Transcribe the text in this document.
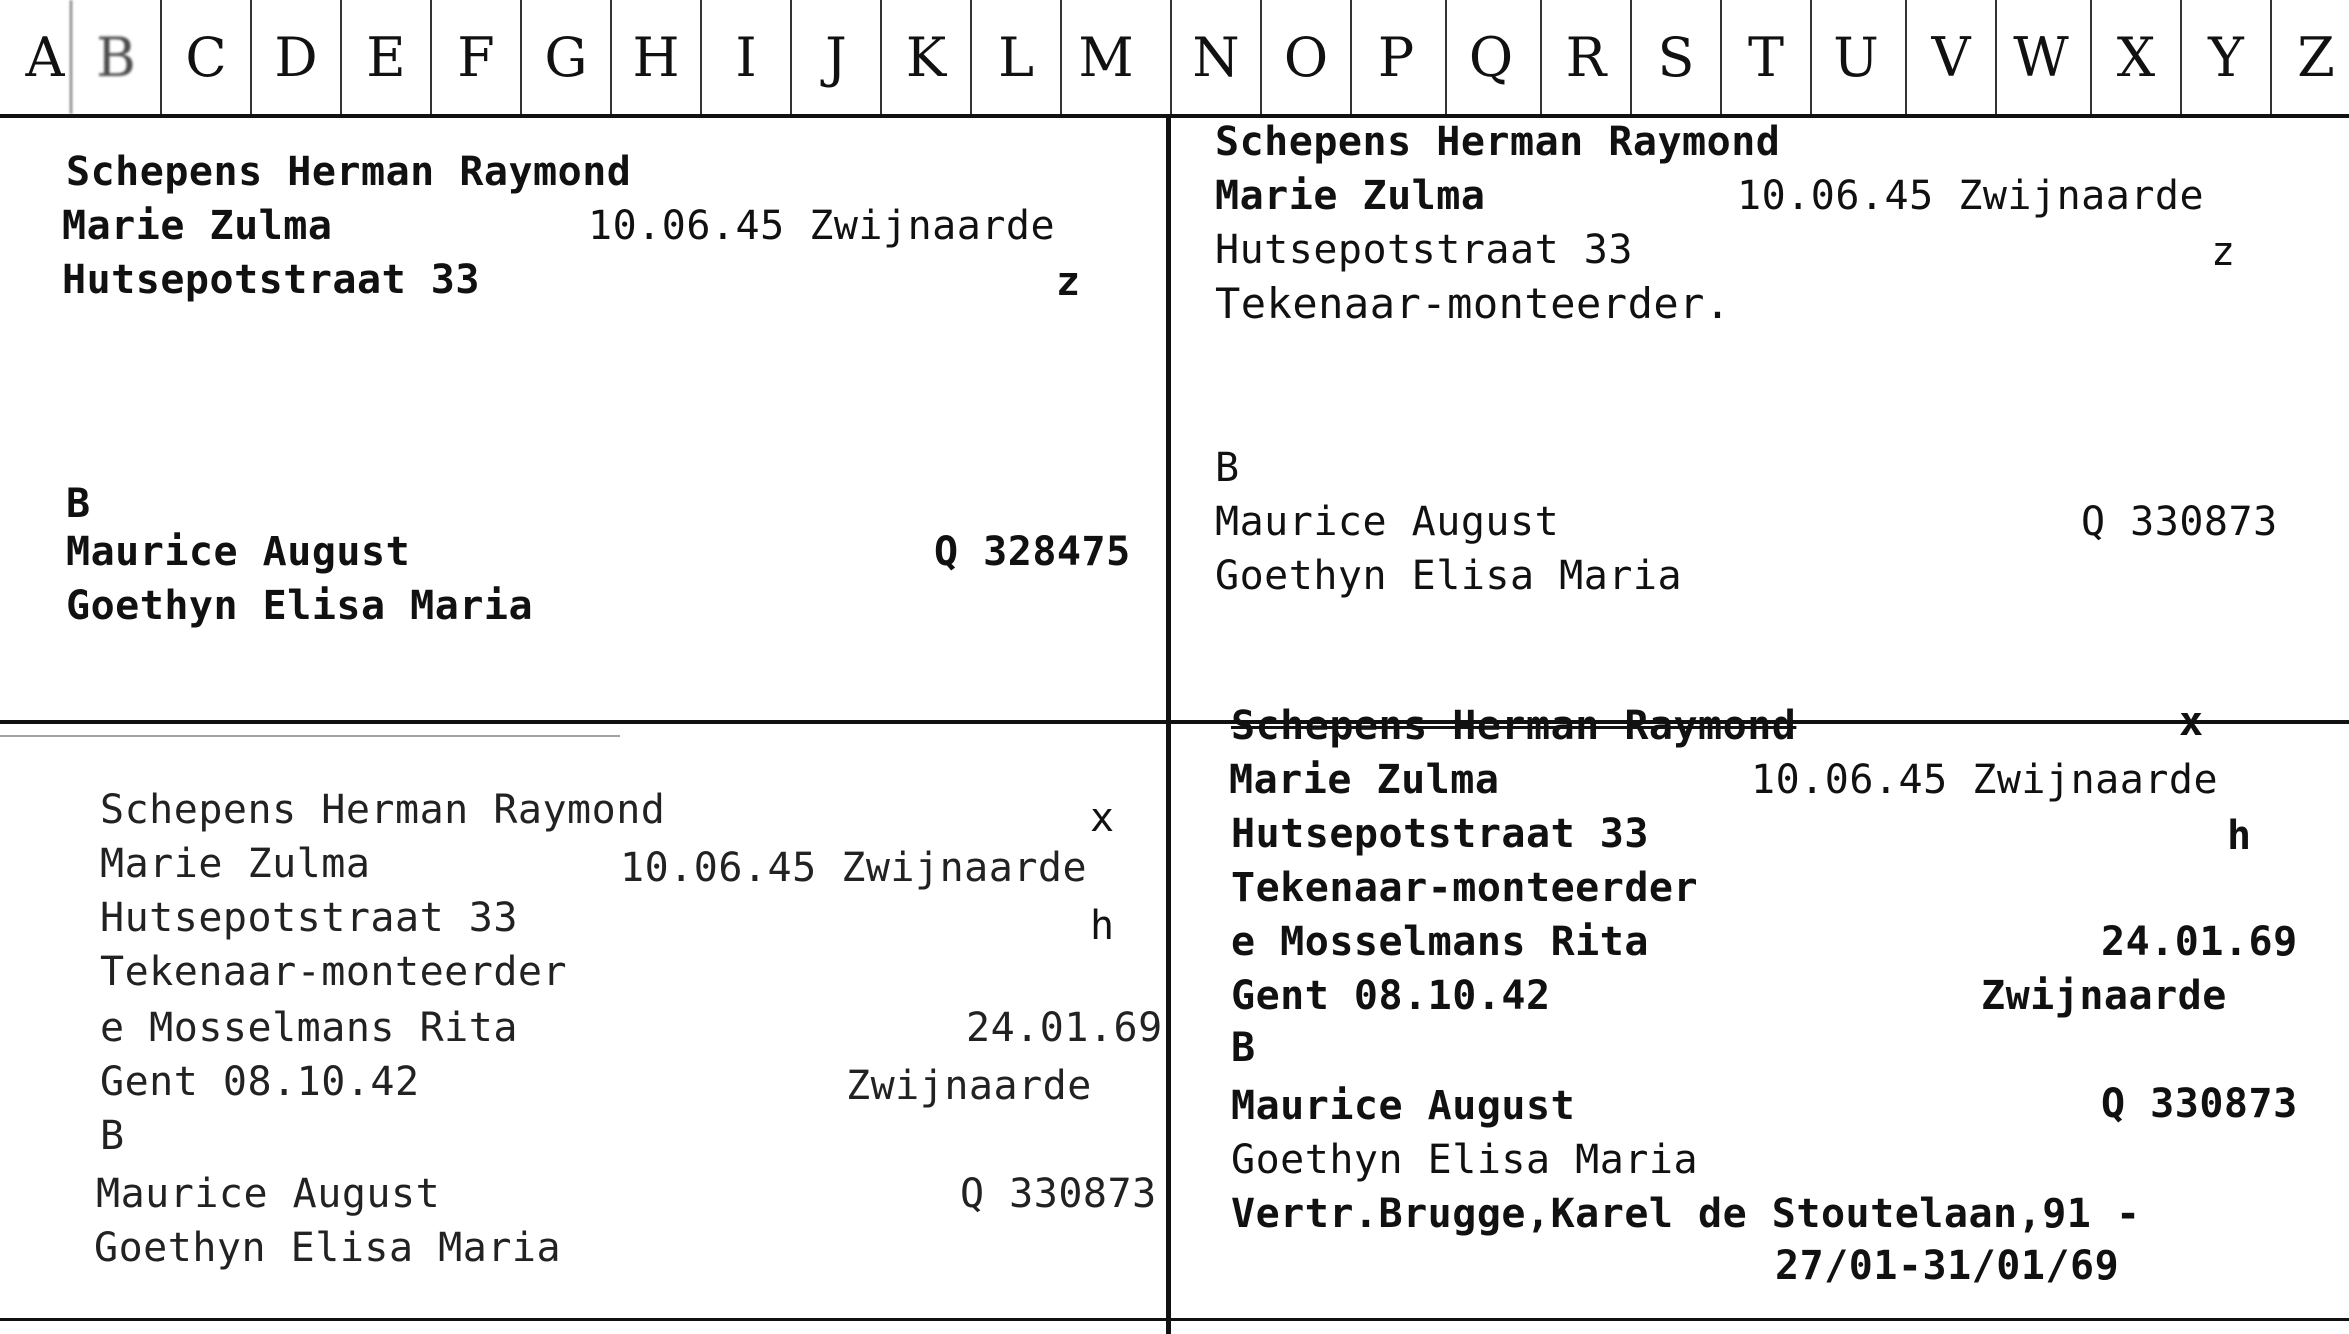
A B C D E F G H	I	J	K L M	N O P	Q R S T U V W X Y Z
Schepens Herman Raymond
Marie Zulma	10.06.45 Zwijnaarde
Hutsepotstraat 33	z
B
Maurice August	Q 328475
Goethyn Elisa Maria
Schepens Herman Raymond
Marie Zulma	10.06.45 Zwijnaarde
Hutsepotstraat 33	z
Tekenaar-monteerder.
B
Maurice August	Q 330873
Goethyn Elisa Maria
Schepens Herman Raymond	x
Marie Zulma	10.06.45 Zwijnaarde
Hutsepotstraat 33	h
Tekenaar-monteerder
e Mosselmans Rita	24.01.69
Gent 08.10.42	Zwijnaarde
B
Maurice August	Q 330873
Goethyn Elisa Maria
Schepens Herman Raymond	x
Marie Zulma	10.06.45 Zwijnaarde
Hutsepotstraat 33	h
Tekenaar-monteerder
e Mosselmans Rita	24.01.69
Gent 08.10.42	Zwijnaarde
B
Maurice August	Q 330873
Goethyn Elisa Maria
Vertr.Brugge,Karel de Stoutelaan,91 -
27/01-31/01/69
